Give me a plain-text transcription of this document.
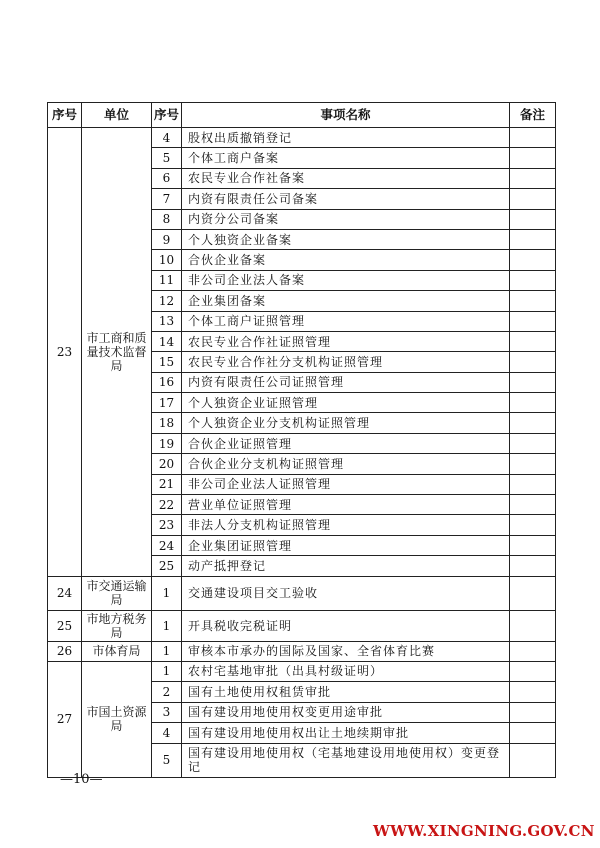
序号	单位	序号	事项名称	备注
23	市工商和质量技术监督局	4	股权出质撤销登记	
		5	个体工商户备案	
		6	农民专业合作社备案	
		7	内资有限责任公司备案	
		8	内资分公司备案	
		9	个人独资企业备案	
		10	合伙企业备案	
		11	非公司企业法人备案	
		12	企业集团备案	
		13	个体工商户证照管理	
		14	农民专业合作社证照管理	
		15	农民专业合作社分支机构证照管理	
		16	内资有限责任公司证照管理	
		17	个人独资企业证照管理	
		18	个人独资企业分支机构证照管理	
		19	合伙企业证照管理	
		20	合伙企业分支机构证照管理	
		21	非公司企业法人证照管理	
		22	营业单位证照管理	
		23	非法人分支机构证照管理	
		24	企业集团证照管理	
		25	动产抵押登记	
24	市交通运输局	1	交通建设项目交工验收	
25	市地方税务局	1	开具税收完税证明	
26	市体育局	1	审核本市承办的国际及国家、全省体育比赛	
27	市国土资源局	1	农村宅基地审批（出具村级证明）	
		2	国有土地使用权租赁审批	
		3	国有建设用地使用权变更用途审批	
		4	国有建设用地使用权出让土地续期审批	
		5	国有建设用地使用权（宅基地建设用地使用权）变更登记	
—10—
WWW.XINGNING.GOV.CN
